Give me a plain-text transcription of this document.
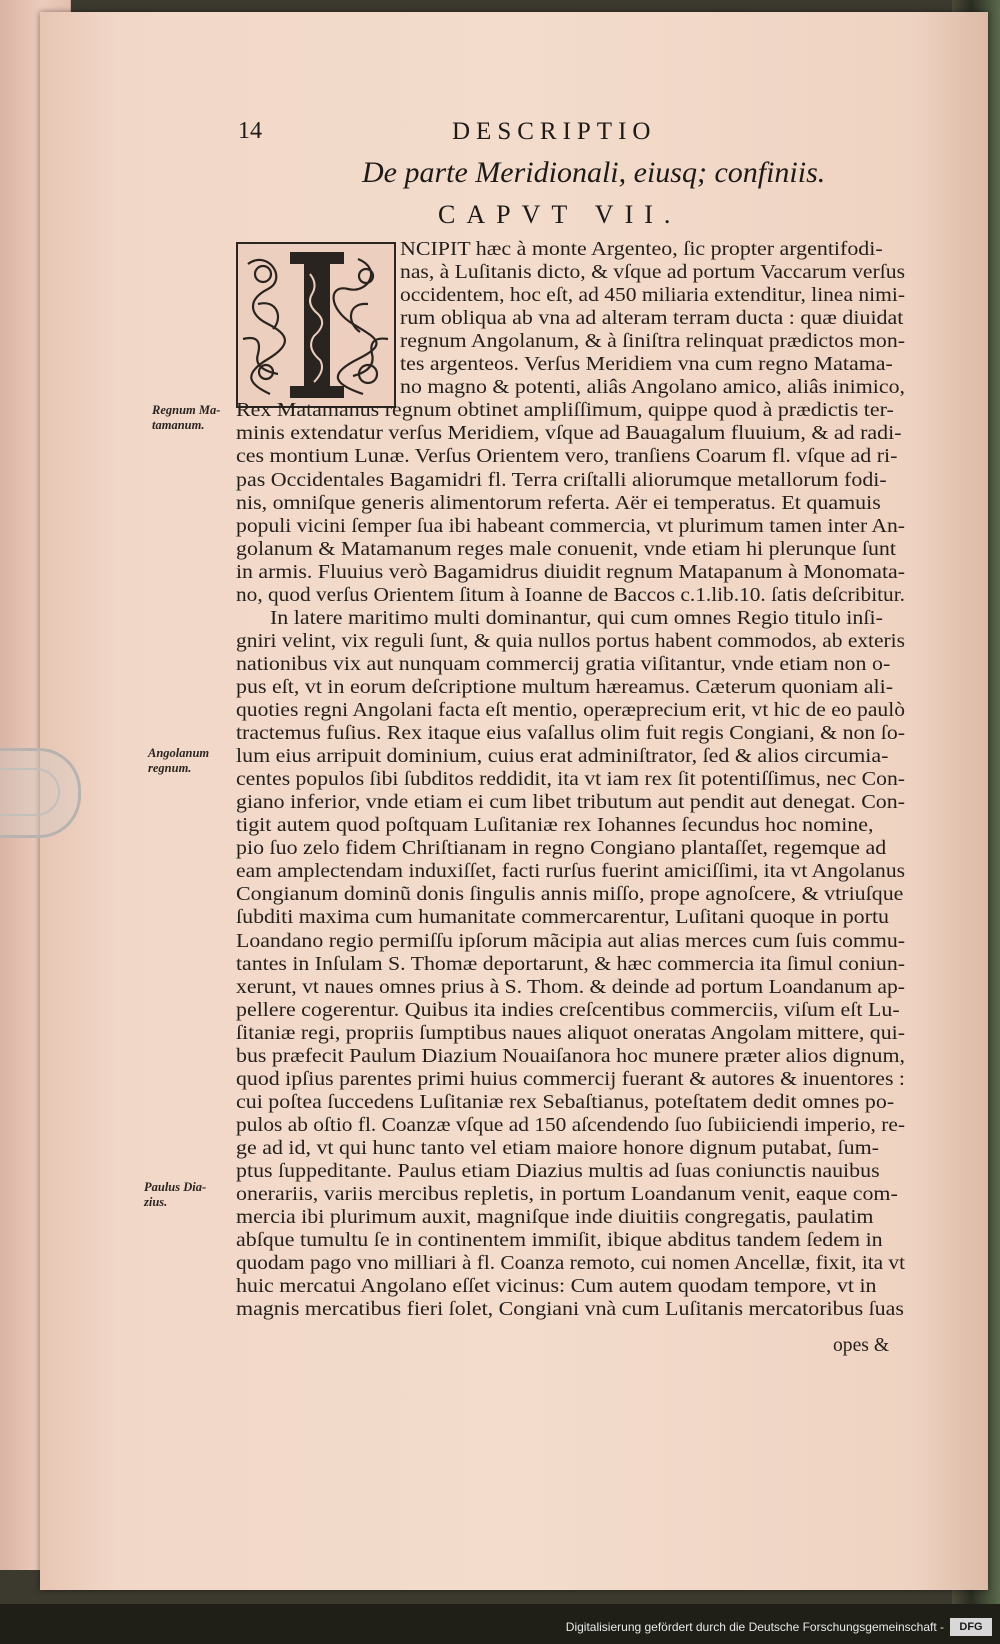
14	DESCRIPTIO
De parte Meridionali, eiusq; confiniis.
CAPVT VII.
NCIPIT hæc à monte Argenteo, ſic propter argentifodi-
nas, à Luſitanis dicto, & vſque ad portum Vaccarum verſus
occidentem, hoc eſt, ad 450 miliaria extenditur, linea nimi-
rum obliqua ab vna ad alteram terram ducta : quæ diuidat
regnum Angolanum, & à ſiniſtra relinquat prædictos mon-
tes argenteos. Verſus Meridiem vna cum regno Matama-
no magno & potenti, aliâs Angolano amico, aliâs inimico,
Rex Matamanus regnum obtinet ampliſſimum, quippe quod à prædictis ter-
minis extendatur verſus Meridiem, vſque ad Bauagalum fluuium, & ad radi-
ces montium Lunæ. Verſus Orientem vero, tranſiens Coarum fl. vſque ad ri-
pas Occidentales Bagamidri fl. Terra criſtalli aliorumque metallorum fodi-
nis, omniſque generis alimentorum referta. Aër ei temperatus. Et quamuis
populi vicini ſemper ſua ibi habeant commercia, vt plurimum tamen inter An-
golanum & Matamanum reges male conuenit, vnde etiam hi plerunque ſunt
in armis. Fluuius verò Bagamidrus diuidit regnum Matapanum à Monomata-
no, quod verſus Orientem ſitum à Ioanne de Baccos c.1.lib.10. ſatis deſcribitur.
In latere maritimo multi dominantur, qui cum omnes Regio titulo inſi-
gniri velint, vix reguli ſunt, & quia nullos portus habent commodos, ab exteris
nationibus vix aut nunquam commercij gratia viſitantur, vnde etiam non o-
pus eſt, vt in eorum deſcriptione multum hæreamus. Cæterum quoniam ali-
quoties regni Angolani facta eſt mentio, operæprecium erit, vt hic de eo paulò
tractemus fuſius. Rex itaque eius vaſallus olim fuit regis Congiani, & non ſo-
lum eius arripuit dominium, cuius erat adminiſtrator, ſed & alios circumia-
centes populos ſibi ſubditos reddidit, ita vt iam rex ſit potentiſſimus, nec Con-
giano inferior, vnde etiam ei cum libet tributum aut pendit aut denegat. Con-
tigit autem quod poſtquam Luſitaniæ rex Iohannes ſecundus hoc nomine,
pio ſuo zelo fidem Chriſtianam in regno Congiano plantaſſet, regemque ad
eam amplectendam induxiſſet, facti rurſus fuerint amiciſſimi, ita vt Angolanus
Congianum dominũ donis ſingulis annis miſſo, prope agnoſcere, & vtriuſque
ſubditi maxima cum humanitate commercarentur, Luſitani quoque in portu
Loandano regio permiſſu ipſorum mãcipia aut alias merces cum ſuis commu-
tantes in Inſulam S. Thomæ deportarunt, & hæc commercia ita ſimul coniun-
xerunt, vt naues omnes prius à S. Thom. & deinde ad portum Loandanum ap-
pellere cogerentur. Quibus ita indies creſcentibus commerciis, viſum eſt Lu-
ſitaniæ regi, propriis ſumptibus naues aliquot oneratas Angolam mittere, qui-
bus præfecit Paulum Diazium Nouaiſanora hoc munere præter alios dignum,
quod ipſius parentes primi huius commercij fuerant & autores & inuentores :
cui poſtea ſuccedens Luſitaniæ rex Sebaſtianus, poteſtatem dedit omnes po-
pulos ab oſtio fl. Coanzæ vſque ad 150 aſcendendo ſuo ſubiiciendi imperio, re-
ge ad id, vt qui hunc tanto vel etiam maiore honore dignum putabat, ſum-
ptus ſuppeditante. Paulus etiam Diazius multis ad ſuas coniunctis nauibus
onerariis, variis mercibus repletis, in portum Loandanum venit, eaque com-
mercia ibi plurimum auxit, magniſque inde diuitiis congregatis, paulatim
abſque tumultu ſe in continentem immiſit, ibique abditus tandem ſedem in
quodam pago vno milliari à fl. Coanza remoto, cui nomen Ancellæ, fixit, ita vt
huic mercatui Angolano eſſet vicinus: Cum autem quodam tempore, vt in
magnis mercatibus fieri ſolet, Congiani vnà cum Luſitanis mercatoribus ſuas
Regnum Ma-
tamanum.
Angolanum
regnum.
Paulus Dia-
zius.
opes &
Digitalisierung gefördert durch die Deutsche Forschungsgemeinschaft -	DFG
